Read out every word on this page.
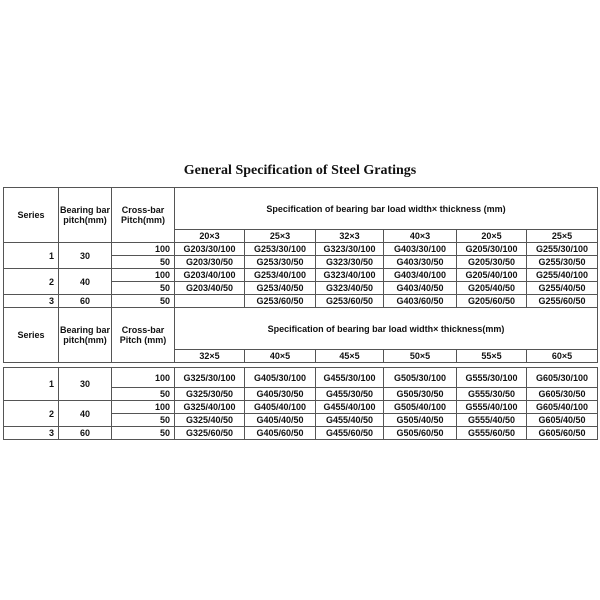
General Specification of Steel Gratings
Series	Bearing bar pitch(mm)	Cross-bar Pitch(mm)	Specification of bearing bar load width× thickness (mm)					
			20×3	25×3	32×3	40×3	20×5	25×5
1	30	100	G203/30/100	G253/30/100	G323/30/100	G403/30/100	G205/30/100	G255/30/100
		50	G203/30/50	G253/30/50	G323/30/50	G403/30/50	G205/30/50	G255/30/50
2	40	100	G203/40/100	G253/40/100	G323/40/100	G403/40/100	G205/40/100	G255/40/100
		50	G203/40/50	G253/40/50	G323/40/50	G403/40/50	G205/40/50	G255/40/50
3	60	50		G253/60/50	G253/60/50	G403/60/50	G205/60/50	G255/60/50
Series	Bearing bar pitch(mm)	Cross-bar Pitch (mm)	Specification of bearing bar load width× thickness(mm)					
			32×5	40×5	45×5	50×5	55×5	60×5

1	30	100	G325/30/100	G405/30/100	G455/30/100	G505/30/100	G555/30/100	G605/30/100
		50	G325/30/50	G405/30/50	G455/30/50	G505/30/50	G555/30/50	G605/30/50
2	40	100	G325/40/100	G405/40/100	G455/40/100	G505/40/100	G555/40/100	G605/40/100
		50	G325/40/50	G405/40/50	G455/40/50	G505/40/50	G555/40/50	G605/40/50
3	60	50	G325/60/50	G405/60/50	G455/60/50	G505/60/50	G555/60/50	G605/60/50
